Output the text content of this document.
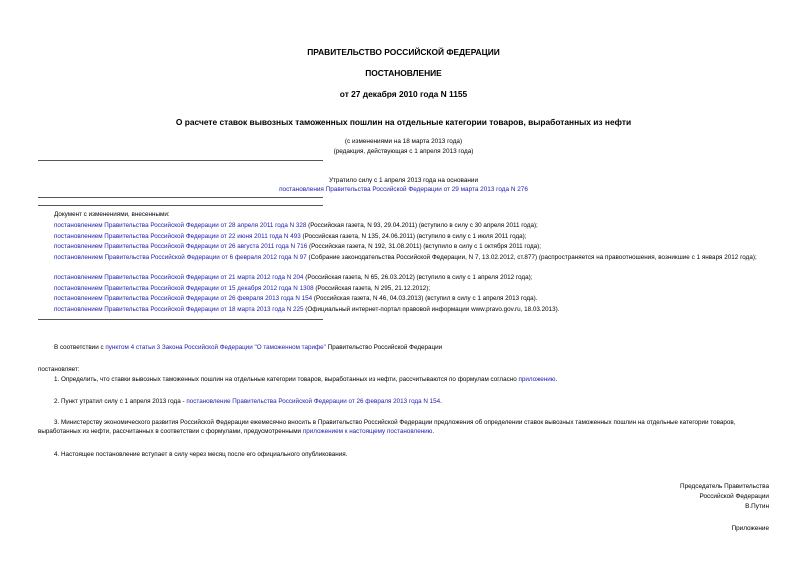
ПРАВИТЕЛЬСТВО РОССИЙСКОЙ ФЕДЕРАЦИИ
ПОСТАНОВЛЕНИЕ
от 27 декабря 2010 года N 1155
О расчете ставок вывозных таможенных пошлин на отдельные категории товаров, выработанных из нефти
(с изменениями на 18 марта 2013 года)
(редакция, действующая с 1 апреля 2013 года)
Утратило силу с 1 апреля 2013 года на основании
постановления Правительства Российской Федерации от 29 марта 2013 года N 276
Документ с изменениями, внесенными:
постановлением Правительства Российской Федерации от 28 апреля 2011 года N 328 (Российская газета, N 93, 29.04.2011) (вступило в силу с 30 апреля 2011 года);
постановлением Правительства Российской Федерации от 22 июня 2011 года N 493 (Российская газета, N 135, 24.06.2011) (вступило в силу с 1 июля 2011 года);
постановлением Правительства Российской Федерации от 26 августа 2011 года N 716 (Российская газета, N 192, 31.08.2011) (вступило в силу с 1 октября 2011 года);
постановлением Правительства Российской Федерации от 6 февраля 2012 года N 97 (Собрание законодательства Российской Федерации, N 7, 13.02.2012, ст.877) (распространяется на правоотношения, возникшие с 1 января 2012 года);
постановлением Правительства Российской Федерации от 21 марта 2012 года N 204 (Российская газета, N 65, 26.03.2012) (вступило в силу с 1 апреля 2012 года);
постановлением Правительства Российской Федерации от 15 декабря 2012 года N 1308 (Российская газета, N 295, 21.12.2012);
постановлением Правительства Российской Федерации от 26 февраля 2013 года N 154 (Российская газета, N 46, 04.03.2013) (вступил в силу с 1 апреля 2013 года).
постановлением Правительства Российской Федерации от 18 марта 2013 года N 225 (Официальный интернет-портал правовой информации www.pravo.gov.ru, 18.03.2013).
В соответствии с пунктом 4 статьи 3 Закона Российской Федерации "О таможенном тарифе" Правительство Российской Федерации
постановляет:
1. Определить, что ставки вывозных таможенных пошлин на отдельные категории товаров, выработанных из нефти, рассчитываются по формулам согласно приложению.
2. Пункт утратил силу с 1 апреля 2013 года - постановление Правительства Российской Федерации от 26 февраля 2013 года N 154.
3. Министерству экономического развития Российской Федерации ежемесячно вносить в Правительство Российской Федерации предложения об определении ставок вывозных таможенных пошлин на отдельные категории товаров, выработанных из нефти, рассчитанных в соответствии с формулами, предусмотренными приложением к настоящему постановлению.
4. Настоящее постановление вступает в силу через месяц после его официального опубликования.
Председатель Правительства
Российской Федерации
В.Путин
Приложение
